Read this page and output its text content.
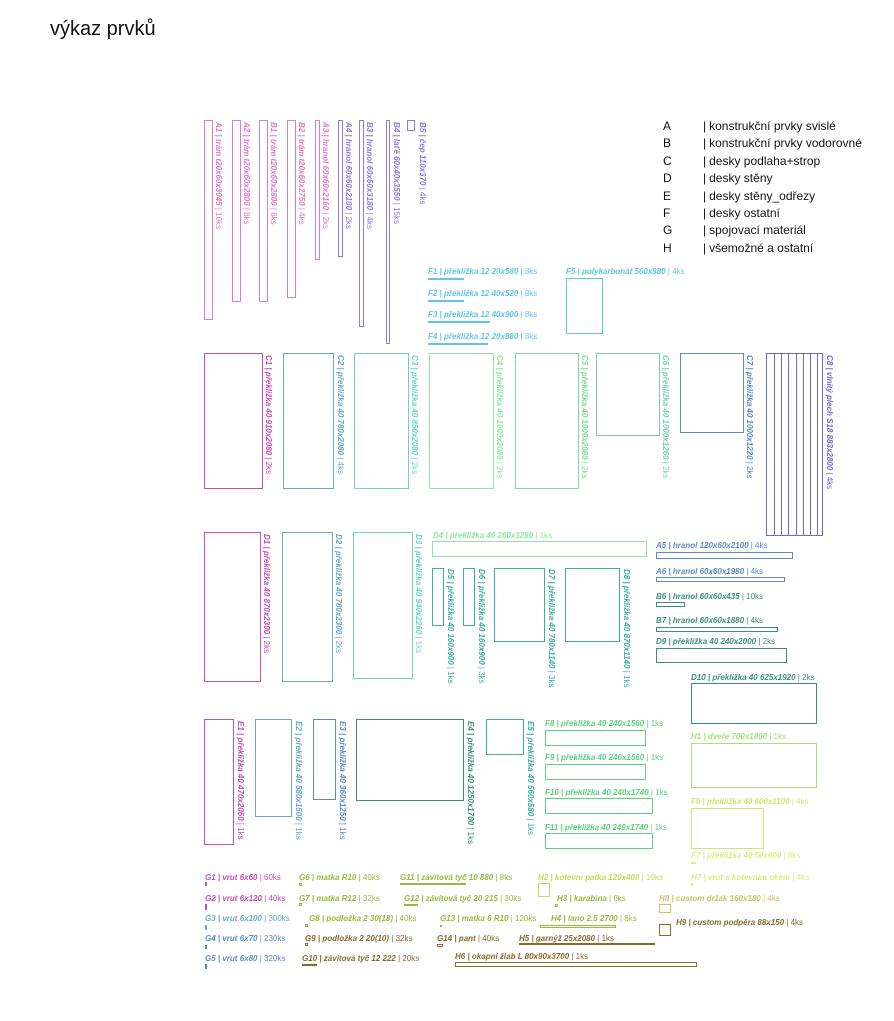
výkaz prvků
A	| konstrukční prvky svislé
B	| konstrukční prvky vodorovné
C	| desky podlaha+strop
D	| desky stěny
E	| desky stěny_odřezy
F	| desky ostatní
G	| spojovací materiál
H	| všemožné a ostatní
A1 | trám t20x60x3045 | 10ks
A2 | trám t20x60x2800 | 8ks
B1 | trám t20x60x2800 | 8ks
B2 | trám t20x60x2750 | 4ks
A3 | hranol 60x60x2160 | 2ks
A4 | hranol 60x60x2100 | 2ks
B3 | hranol 60x60x3180 | 4ks
B4 | laťě 60x40x3550 | 15ks
B5 | čep 110x370 | 4ks
F1 | překližka 12 20x580 | 8ks
F2 | překližka 12 40x520 | 8ks
F3 | překližka 12 40x900 | 8ks
F4 | překližka 12 20x880 | 8ks
F5 | polykarbonát 560x880 | 4ks
C1 | překližka 40 910x2080 | 2ks
C2 | překližka 40 780x2080 | 4ks
C3 | překližka 40 850x2080 | 2ks
C4 | překližka 40 1000x2080 | 2ks
C5 | překližka 40 1000x2080 | 2ks
C6 | překližka 40 1000x1260 | 2ks
C7 | překližka 40 1000x1220 | 2ks	C8 | vlnitý plech S18 883x2800 | 4ks
D1 | překližka 40 870x2300 | 2ks
D2 | překližka 40 780x2300 | 2ks
D3 | překližka 40 940x2260 | 1ks
D4 | překližka 40 260x3280 | 1ks
D5 | překližka 40 160x900 | 1ks
D6 | překližka 40 160x900 | 3ks
D7 | překližka 40 780x1140 | 3ks
D8 | překližka 40 870x1140 | 1ks
A5 | hranol 120x60x2100 | 4ks
A6 | hranol 60x60x1980 | 4ks
B6 | hranol 60x60x435 | 10ks
B7 | hranol 60x60x1880 | 4ks
D9 | překližka 40 240x2000 | 2ks
D10 | překližka 40 625x1920 | 2ks
E1 | překližka 40 470x2060 | 1ks
E2 | překližka 40 580x1500 | 1ks
E3 | překližka 40 360x1250 | 1ks
E4 | překližka 40 1250x1700 | 1ks
E5 | překližka 40 560x580 | 1ks
F8 | překližka 40 240x1560 | 1ks
F9 | překližka 40 240x1560 | 1ks
F10 | překližka 40 240x1740 | 1ks
F11 | překližka 40 240x1740 | 1ks
H1 | dveře 700x1800 | 1ks
F6 | překližka 40 600x1100 | 4ks
F7 | překližka 40 50x600 | 8ks
G1 | vrut 6x60 | 60ks
G2 | vrut 6x120 | 40ks
G3 | vrut 6x100 | 300ks
G4 | vrut 6x70 | 230ks
G5 | vrut 6x80 | 320ks
G6 | matka R10 | 40ks
G7 | matka R12 | 32ks
G8 | podložka 2 30(18) | 40ks
G9 | podložka 2 20(10) | 32ks
G10 | závitová tyč 12 222 | 20ks
G11 | závitová tyč 10 880 | 8ks
G12 | závitová tyč 20 215 | 30ks
G13 | matka 6 R10 | 120ks
G14 | pant | 40ks
H2 | kotevní patka 120x400 | 10ks
H3 | karabina | 8ks
H4 | lano 2.5 2700 | 8ks
H5 | garnýž 25x2080 | 1ks
H6 | okapní žlab L 80x90x3700 | 1ks
H7 | vrut s kotevním okem | 4ks
H8 | custom držák 160x180 | 4ks
H9 | custom podpěra 88x150 | 4ks
